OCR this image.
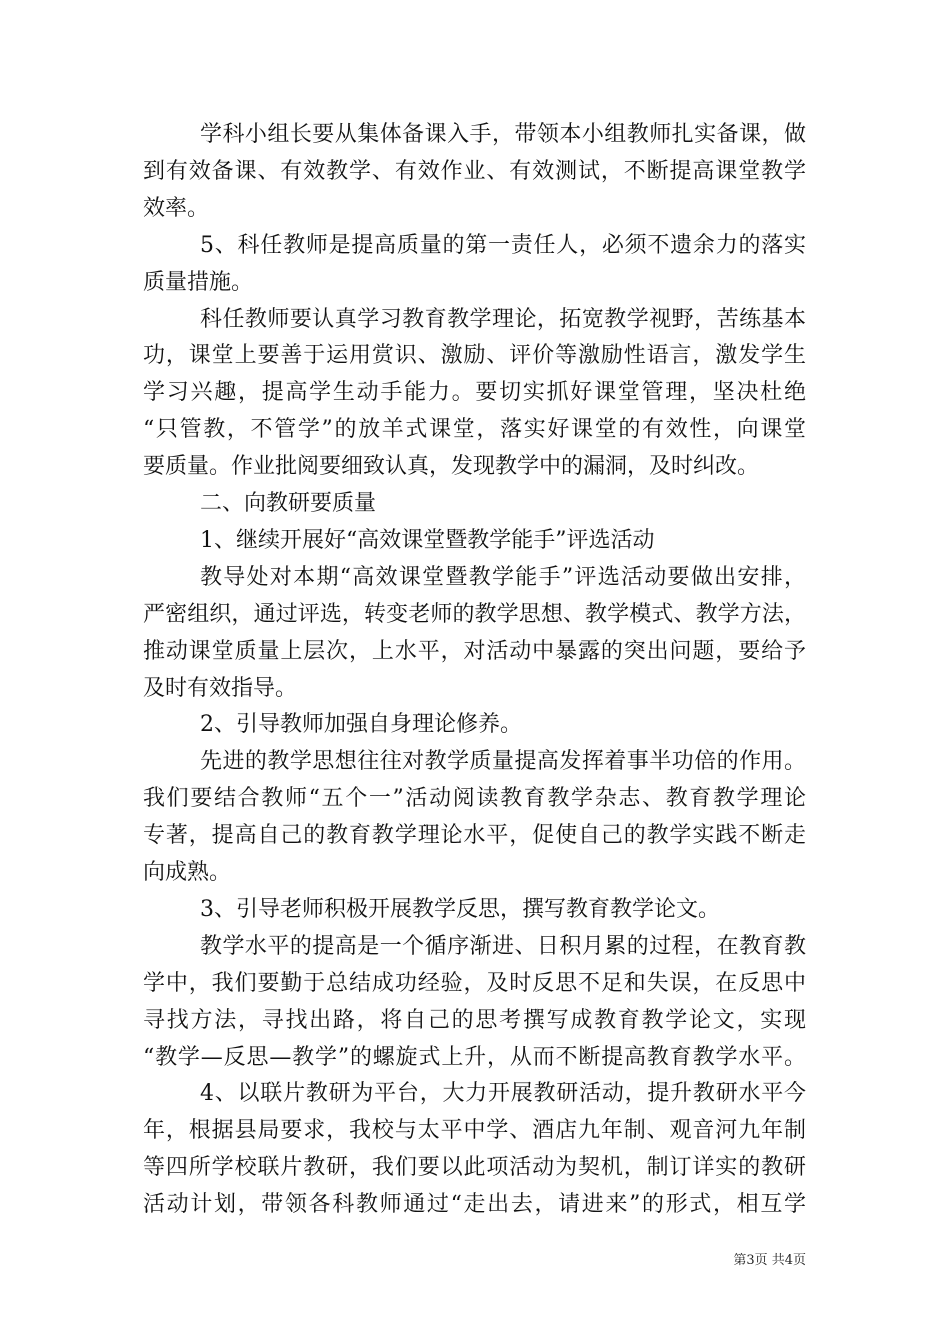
学科小组长要从集体备课入手，带领本小组教师扎实备课，做
到有效备课、有效教学、有效作业、有效测试，不断提高课堂教学
效率。
5、科任教师是提高质量的第一责任人，必须不遗余力的落实
质量措施。
科任教师要认真学习教育教学理论，拓宽教学视野，苦练基本
功，课堂上要善于运用赏识、激励、评价等激励性语言，激发学生
学习兴趣，提高学生动手能力。要切实抓好课堂管理，坚决杜绝
“只管教，不管学”的放羊式课堂，落实好课堂的有效性，向课堂
要质量。作业批阅要细致认真，发现教学中的漏洞，及时纠改。
二、向教研要质量
1、继续开展好“高效课堂暨教学能手”评选活动
教导处对本期“高效课堂暨教学能手”评选活动要做出安排，
严密组织，通过评选，转变老师的教学思想、教学模式、教学方法，
推动课堂质量上层次，上水平，对活动中暴露的突出问题，要给予
及时有效指导。
2、引导教师加强自身理论修养。
先进的教学思想往往对教学质量提高发挥着事半功倍的作用。
我们要结合教师“五个一”活动阅读教育教学杂志、教育教学理论
专著，提高自己的教育教学理论水平，促使自己的教学实践不断走
向成熟。
3、引导老师积极开展教学反思，撰写教育教学论文。
教学水平的提高是一个循序渐进、日积月累的过程，在教育教
学中，我们要勤于总结成功经验，及时反思不足和失误，在反思中
寻找方法，寻找出路，将自己的思考撰写成教育教学论文，实现
“教学—反思—教学”的螺旋式上升，从而不断提高教育教学水平。
4、以联片教研为平台，大力开展教研活动，提升教研水平今
年，根据县局要求，我校与太平中学、酒店九年制、观音河九年制
等四所学校联片教研，我们要以此项活动为契机，制订详实的教研
活动计划，带领各科教师通过“走出去，请进来”的形式，相互学
第3页 共4页
